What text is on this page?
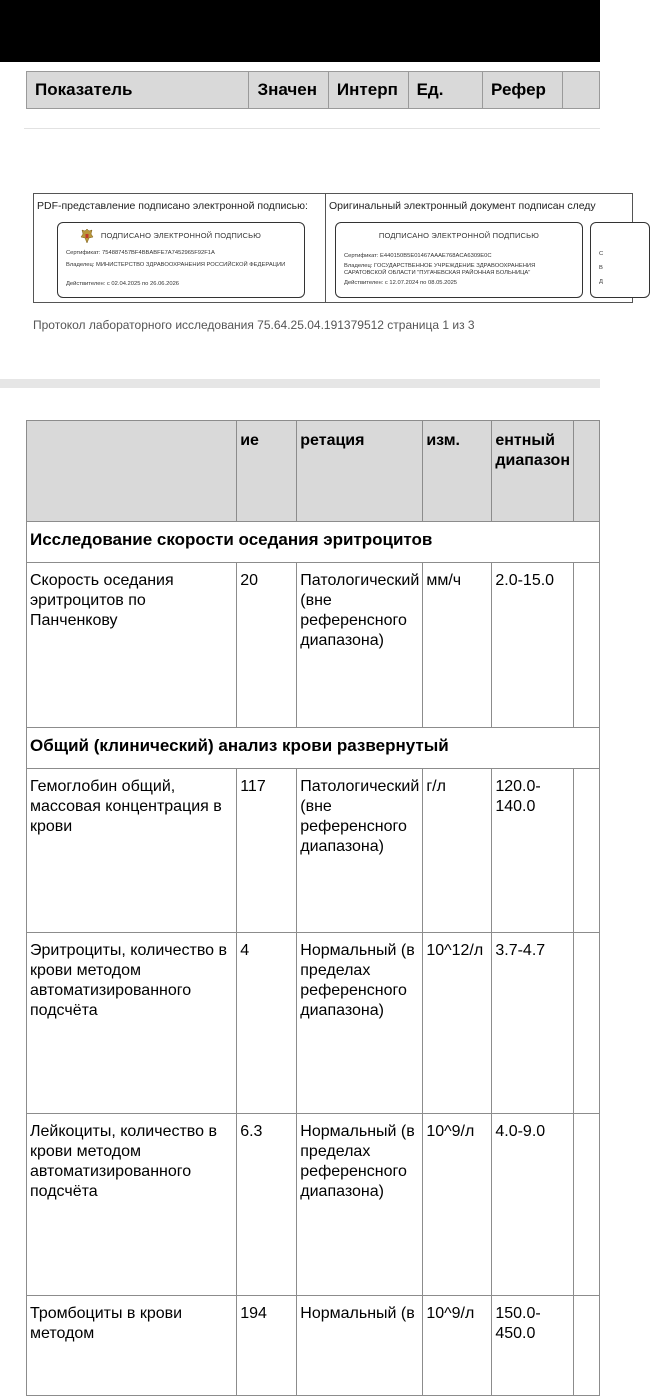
Показатель	Значен	Интерп	Ед.	Рефер	
PDF-представление подписано электронной подписью: Оригинальный электронный документ подписан следу
ПОДПИСАНО ЭЛЕКТРОННОЙ ПОДПИСЬЮ
Сертификат: 754887457BF4BBABFE7A7452965F92F1A
Владелец: МИНИСТЕРСТВО ЗДРАВООХРАНЕНИЯ РОССИЙСКОЙ ФЕДЕРАЦИИ
Действителен: с 02.04.2025 по 26.06.2026
ПОДПИСАНО ЭЛЕКТРОННОЙ ПОДПИСЬЮ
Сертификат: E440150B5E01467AAAE768ACA6309E0C
Владелец: ГОСУДАРСТВЕННОЕ УЧРЕЖДЕНИЕ ЗДРАВООХРАНЕНИЯ САРАТОВСКОЙ ОБЛАСТИ "ПУГАЧЕВСКАЯ РАЙОННАЯ БОЛЬНИЦА"
Действителен: с 12.07.2024 по 08.05.2025
С
В
Д
Протокол лабораторного исследования 75.64.25.04.191379512 страница 1 из 3
	ие	ретация	изм.	ентный диапазон	
Исследование скорости оседания эритроцитов					
Скорость оседания эритроцитов по Панченкову	20	Патологический (вне референсного диапазона)	мм/ч	2.0-15.0	
Общий (клинический) анализ крови развернутый					
Гемоглобин общий, массовая концентрация в крови	117	Патологический (вне референсного диапазона)	г/л	120.0-140.0	
Эритроциты, количество в крови методом автоматизированного подсчёта	4	Нормальный (в пределах референсного диапазона)	10^12/л	3.7-4.7	
Лейкоциты, количество в крови методом автоматизированного подсчёта	6.3	Нормальный (в пределах референсного диапазона)	10^9/л	4.0-9.0	
Тромбоциты в крови методом	194	Нормальный (в	10^9/л	150.0-450.0	
